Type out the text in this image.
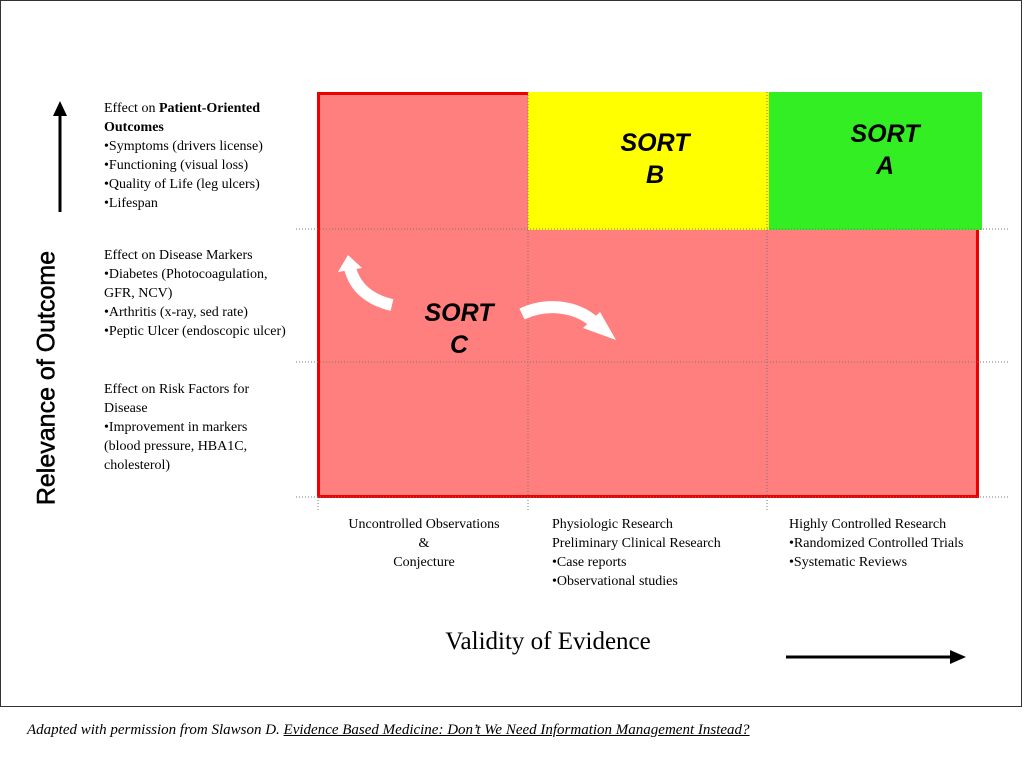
Relevance of Outcome
Effect on Patient-Oriented Outcomes
•Symptoms (drivers license)
•Functioning (visual loss)
•Quality of Life (leg ulcers)
•Lifespan
Effect on Disease Markers
•Diabetes (Photocoagulation, GFR, NCV)
•Arthritis (x-ray, sed rate)
•Peptic Ulcer (endoscopic ulcer)
Effect on Risk Factors for Disease
•Improvement in markers (blood pressure, HBA1C, cholesterol)
SORT
B
SORT
A
SORT
C
Uncontrolled Observations
&
Conjecture
Physiologic Research
Preliminary Clinical Research
•Case reports
•Observational studies
Highly Controlled Research
•Randomized Controlled Trials
•Systematic Reviews
Validity of Evidence
Adapted with permission from Slawson D. Evidence Based Medicine: Don’t We Need Information Management Instead?
